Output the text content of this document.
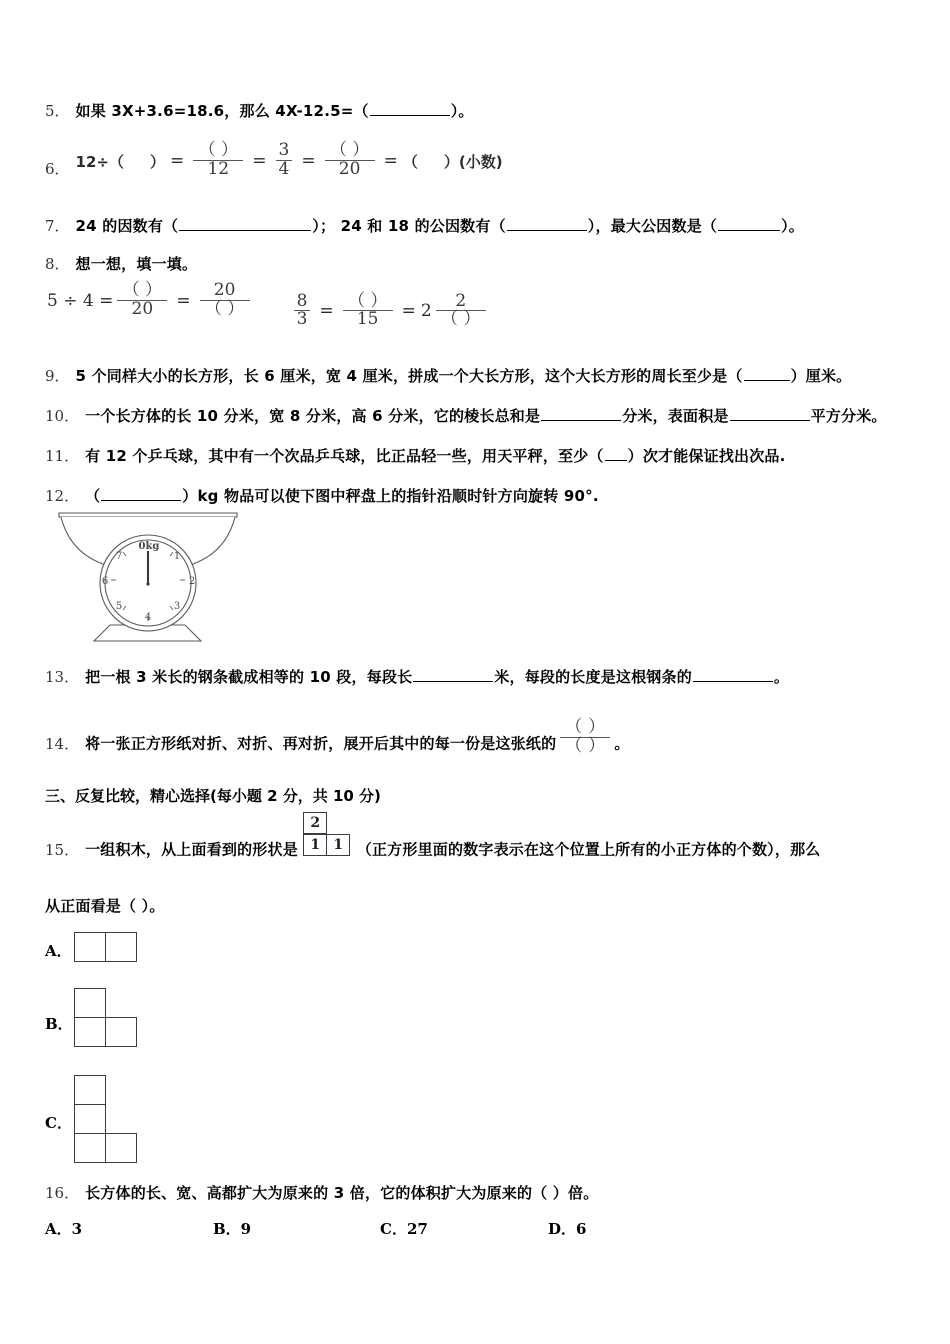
5． 如果 3X+3.6=18.6，那么 4X-12.5=（	）。
6． 12÷（ ） = $\frac{( )}{12} = \frac{3}{4} = \frac{( )}{20}$ = （ ）(小数)
7． 24 的因数有（	）； 24 和 18 的公因数有（	），最大公因数是（	）。
8． 想一想，填一填。
$5 \div 4 = \frac{( )}{20} = \frac{20}{( )}$	$\frac{8}{3} = \frac{( )}{15} = 2 \frac{2}{( )}$
9． 5 个同样大小的长方形，长 6 厘米，宽 4 厘米，拼成一个大长方形，这个大长方形的周长至少是（	）厘米。
10． 一个长方体的长 10 分米，宽 8 分米，高 6 分米，它的棱长总和是	分米，表面积是	平方分米。
11． 有 12 个乒乓球，其中有一个次品乒乓球，比正品轻一些，用天平秤，至少（ ）次才能保证找出次品.
12． （	）kg 物品可以使下图中秤盘上的指针沿顺时针方向旋转 90°.
0kg
1
2
3
4
5
6
7
13． 把一根 3 米长的钢条截成相等的 10 段，每段长	米，每段的长度是这根钢条的	。
14． 将一张正方形纸对折、对折、再对折，展开后其中的每一份是这张纸的 $\frac{( )}{( )}$ 。
三、反复比较，精心选择(每小题 2 分，共 10 分)
15． 一组积木，从上面看到的形状是
2
1 1 （正方形里面的数字表示在这个位置上所有的小正方体的个数），那么
从正面看是（ ）。
A．
B．
C．
16． 长方体的长、宽、高都扩大为原来的 3 倍，它的体积扩大为原来的（ ）倍。
A．3	B．9	C．27	D．6
